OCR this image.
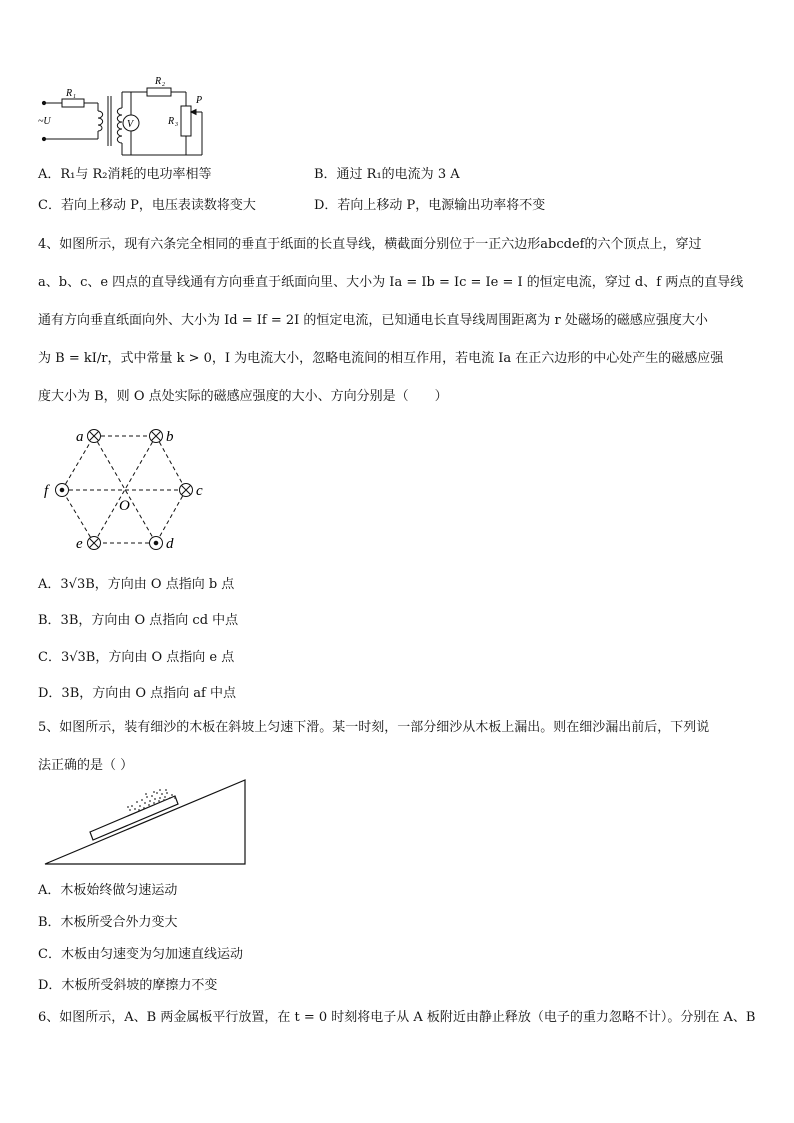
R 1
R 2
R 3
P
~U	V
A．R₁与 R₂消耗的电功率相等	B．通过 R₁的电流为 3 A
C．若向上移动 P，电压表读数将变大	D．若向上移动 P，电源输出功率将不变

4、如图所示，现有六条完全相同的垂直于纸面的长直导线，横截面分别位于一正六边形abcdef的六个顶点上，穿过

a、b、c、e 四点的直导线通有方向垂直于纸面向里、大小为 Ia = Ib = Ic = Ie = I 的恒定电流，穿过 d、f 两点的直导线

通有方向垂直纸面向外、大小为 Id = If = 2I 的恒定电流，已知通电长直导线周围距离为 r 处磁场的磁感应强度大小

为 B = kI/r，式中常量 k > 0，I 为电流大小，忽略电流间的相互作用，若电流 Ia 在正六边形的中心处产生的磁感应强

度大小为 B，则 O 点处实际的磁感应强度的大小、方向分别是（　　）

a	b
c
d
e
f
O
A．3√3B，方向由 O 点指向 b 点
B．3B，方向由 O 点指向 cd 中点
C．3√3B，方向由 O 点指向 e 点
D．3B，方向由 O 点指向 af 中点

5、如图所示，装有细沙的木板在斜坡上匀速下滑。某一时刻，一部分细沙从木板上漏出。则在细沙漏出前后，下列说

法正确的是（ ）

A．木板始终做匀速运动
B．木板所受合外力变大
C．木板由匀速变为匀加速直线运动
D．木板所受斜坡的摩擦力不变
6、如图所示，A、B 两金属板平行放置，在 t = 0 时刻将电子从 A 板附近由静止释放（电子的重力忽略不计）。分别在 A、B
